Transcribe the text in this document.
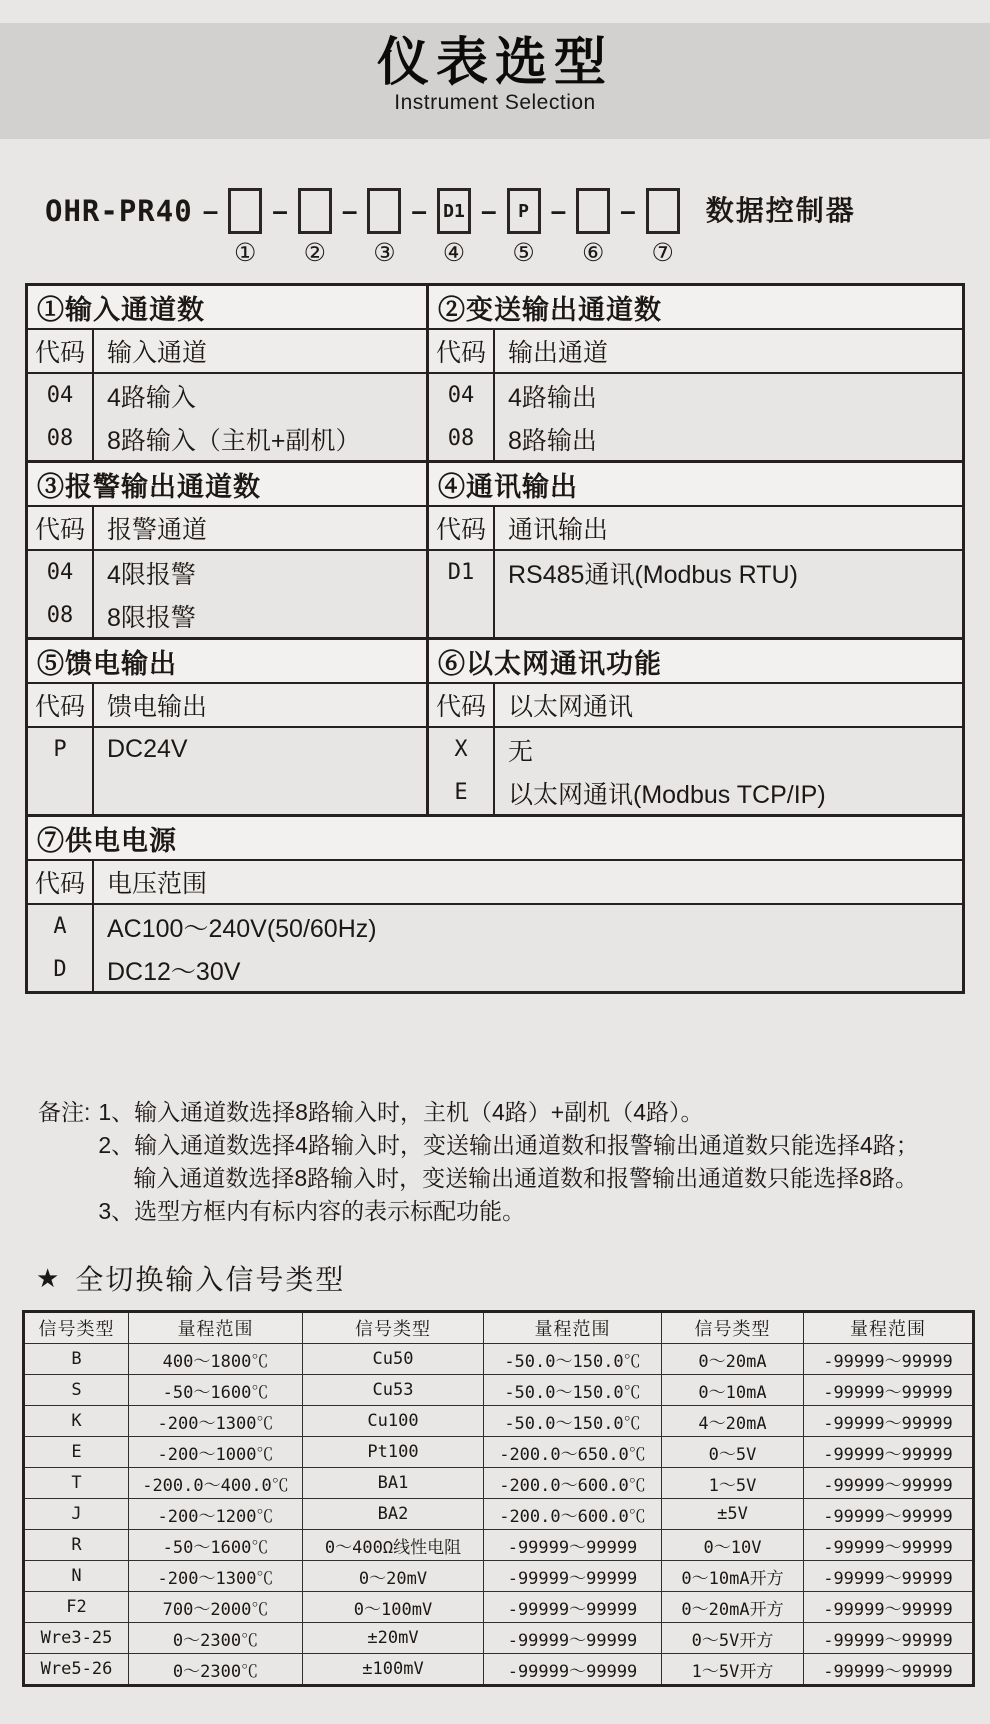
仪表选型
Instrument Selection
OHR-PR40 –
①
–
②
–
③
– D1
④
–	P
⑤
–
⑥
–
⑦
数据控制器
①输入通道数
代码 输入通道
04	4路输入
08	8路输入（主机+副机）
②变送输出通道数
代码 输出通道
04	4路输出
08	8路输出
③报警输出通道数
代码 报警通道
04	4限报警
08	8限报警
④通讯输出
代码 通讯输出
D1	RS485通讯(Modbus RTU)
⑤馈电输出
代码 馈电输出
P	DC24V
⑥以太网通讯功能
代码 以太网通讯
X	无
E	以太网通讯(Modbus TCP/IP)
⑦供电电源
代码 电压范围
A	AC100～240V(50/60Hz)
D	DC12～30V
备注: 1、输入通道数选择8路输入时，主机（4路）+副机（4路）。
2、输入通道数选择4路输入时，变送输出通道数和报警输出通道数只能选择4路；
输入通道数选择8路输入时，变送输出通道数和报警输出通道数只能选择8路。
3、选型方框内有标内容的表示标配功能。
★ 全切换输入信号类型
信号类型	量程范围	信号类型	量程范围	信号类型	量程范围
B	400～1800℃	Cu50	-50.0～150.0℃	0～20mA	-99999～99999
S	-50～1600℃	Cu53	-50.0～150.0℃	0～10mA	-99999～99999
K	-200～1300℃	Cu100	-50.0～150.0℃	4～20mA	-99999～99999
E	-200～1000℃	Pt100	-200.0～650.0℃	0～5V	-99999～99999
T	-200.0～400.0℃	BA1	-200.0～600.0℃	1～5V	-99999～99999
J	-200～1200℃	BA2	-200.0～600.0℃	±5V	-99999～99999
R	-50～1600℃	0～400Ω线性电阻	-99999～99999	0～10V	-99999～99999
N	-200～1300℃	0～20mV	-99999～99999	0～10mA开方	-99999～99999
F2	700～2000℃	0～100mV	-99999～99999	0～20mA开方	-99999～99999
Wre3-25	0～2300℃	±20mV	-99999～99999	0～5V开方	-99999～99999
Wre5-26	0～2300℃	±100mV	-99999～99999	1～5V开方	-99999～99999
